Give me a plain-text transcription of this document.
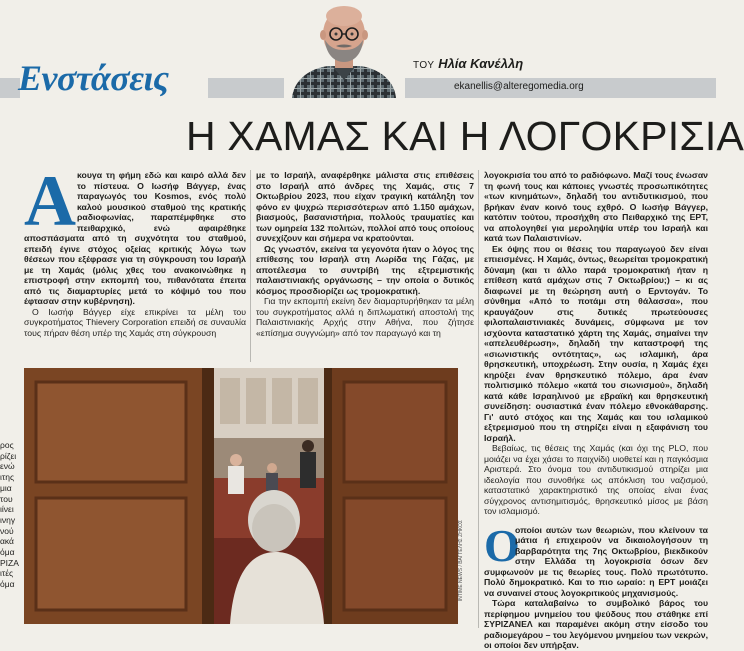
Ενστάσεις	ΤΟΥ Ηλία Κανέλλη
ekanellis@alteregomedia.org
Η ΧΑΜΑΣ ΚΑΙ Η ΛΟΓΟΚΡΙΣΙΑ
Α κουγα τη φήμη εδώ και καιρό αλλά δεν το πίστευα. Ο Ιωσήφ Βάγγερ, ένας παραγωγός του Kosmos, ενός πολύ καλού μουσικού σταθμού της κρατικής ραδιοφωνίας, παραπέμφθηκε στο πειθαρχικό, ενώ αφαιρέθηκε αποσπάσματα από τη συχνότητα του σταθμού, επειδή έγινε στόχος οξείας κριτικής λόγω των θέσεων που εξέφρασε για τη σύγκρουση του Ισραήλ με τη Χαμάς (μόλις χθες του ανακοινώθηκε η επιστροφή στην εκπομπή του, πιθανότατα έπειτα από τις διαμαρτυρίες μετά το κόψιμό του που έφτασαν στην κυβέρνηση).

Ο Ιωσήφ Βάγγερ είχε επικρίνει τα μέλη του συγκροτήματος Thievery Corporation επειδή σε συναυλία τους πήραν θέση υπέρ της Χαμάς στη σύγκρουση

με το Ισραήλ, αναφέρθηκε μάλιστα στις επιθέσεις στο Ισραήλ από άνδρες της Χαμάς, στις 7 Οκτωβρίου 2023, που είχαν τραγική κατάληξη τον φόνο εν ψυχρώ περισσότερων από 1.150 αμάχων, βιασμούς, βασανιστήρια, πολλούς τραυματίες και των ομηρεία 132 πολιτών, πολλοί από τους οποίους συνεχίζουν και σήμερα να κρατούνται.

Ως γνωστόν, εκείνα τα γεγονότα ήταν ο λόγος της επίθεσης του Ισραήλ στη Λωρίδα της Γάζας, με αποτέλεσμα το συντρίβή της εξτρεμιστικής παλαιστινιακής οργάνωσης – την οποία ο δυτικός κόσμος προσδιορίζει ως τρομοκρατική.

Για την εκπομπή εκείνη δεν διαμαρτυρήθηκαν τα μέλη του συγκροτήματος αλλά η διπλωματική αποστολή της Παλαιστινιακής Αρχής στην Αθήνα, που ζήτησε «επίσημα συγγνώμη» από τον παραγωγό και τη

λογοκρισία του από το ραδιόφωνο. Μαζί τους ένωσαν τη φωνή τους και κάποιες γνωστές προσωπικότητες «των κινημάτων», δηλαδή του αντιδυτικισμού, που βρήκαν έναν κοινό τους εχθρό. Ο Ιωσήφ Βάγγερ, κατόπιν τούτου, προσήχθη στο Πειθαρχικό της ΕΡΤ, να απολογηθεί για μεροληψία υπέρ του Ισραήλ και κατά των Παλαιστινίων.

Εκ όψης που οι θέσεις του παραγωγού δεν είναι επιεισμένες. Η Χαμάς, όντως, θεωρείται τρομοκρατική δύναμη (και τι άλλο παρά τρομοκρατική ήταν η επίθεση κατά αμάχων στις 7 Οκτωβρίου;) – κι ας διαφωνεί με τη θεώρηση αυτή ο Ερντογάν. Το σύνθημα «Από το ποτάμι στη θάλασσα», που κραυγάζουν στις δυτικές πρωτεύουσες φιλοπαλαιστινιακές δυνάμεις, σύμφωνα με τον ισχύοντα καταστατικό χάρτη της Χαμάς, σημαίνει την «απελευθέρωση», δηλαδή την καταστροφή της «σιωνιστικής οντότητας», ως ισλαμική, άρα θρησκευτική, υποχρέωση. Στην ουσία, η Χαμάς έχει κηρύξει έναν θρησκευτικό πόλεμο, άρα έναν πολιτισμικό πόλεμο «κατά του σιωνισμού», δηλαδή κατά κάθε Ισραηλινού με εβραϊκή και θρησκευτική συνείδηση: ουσιαστικά έναν πόλεμο εθνοκάθαρσης. Γι' αυτό στόχος και της Χαμάς και του ισλαμικού εξτρεμισμού που τη στηρίζει είναι η εξαφάνιση του Ισραήλ.

Βεβαίως, τις θέσεις της Χαμάς (και όχι της PLO, που μοιάζει να έχει χάσει το παιχνίδι) υιοθετεί και η παγκόσμια Αριστερά. Στο όνομα του αντιδυτικισμού στηρίζει μια ιδεολογία που συνοθήκε ως απόκλιση του ναζισμού, καταστατικό χαρακτηριστικό της οποίας είναι ένας σύγχρονος αντισημιτισμός, θρησκευτικό μίσος με βάση τον ισλαμισμό.

Ο

οποίοι αυτών των θεωριών, που κλείνουν τα μάτια ή επιχειρούν να δικαιολογήσουν τη βαρβαρότητα της 7ης Οκτωβρίου, βιεκδικούν στην Ελλάδα τη λογοκρισία όσων δεν συμφωνούν με τις θεωρίες τους. Πολύ πρωτότυπο. Πολύ δημοκρατικό. Και το πιο ωραίο: η ΕΡΤ μοιάζει να συναινεί στους λογοκριτικούς μηχανισμούς.

Τώρα καταλαβαίνω το συμβολικό βάρος του περίφημου μνημείου του ψεύδους που στάθηκε επί ΣΥΡΙΖΑΝΕΛ και παραμένει ακόμη στην είσοδο του ραδιομεγάρου – του λεγόμενου μνημείου των νεκρών, οι οποίοι δεν υπήρξαν.

INTIME NEWS / ΒΑΓΓΕΛΗΣ ΖΗΚΟΣ
ρος
ρίζει
ενώ
ιτης
μια
του
ιίνει
ινηγ
νού
ακά
όμα
ΡΙΖΑ
ιτές
όμα
